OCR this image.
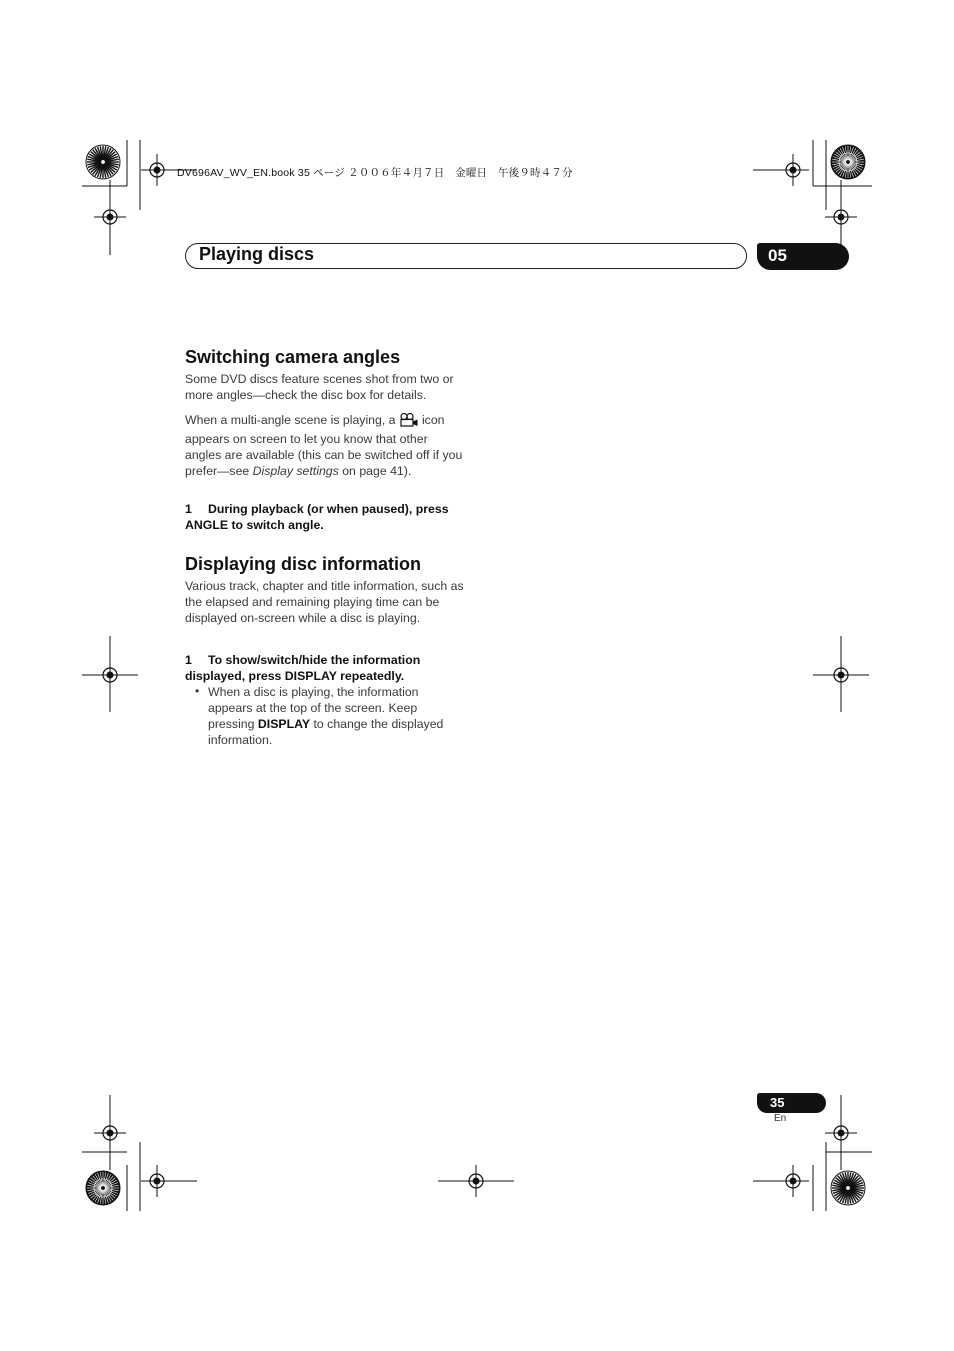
DV696AV_WV_EN.book 35 ページ ２００６年４月７日　金曜日　午後９時４７分
Playing discs	05
Switching camera angles

Some DVD discs feature scenes shot from two or more angles—check the disc box for details.

When a multi-angle scene is playing, a icon appears on screen to let you know that other angles are available (this can be switched off if you prefer—see Display settings on page 41).

1 During playback (or when paused), press ANGLE to switch angle.

Displaying disc information

Various track, chapter and title information, such as the elapsed and remaining playing time can be displayed on-screen while a disc is playing.

1 To show/switch/hide the information displayed, press DISPLAY repeatedly.

• When a disc is playing, the information appears at the top of the screen. Keep pressing DISPLAY to change the displayed information.

35
En
